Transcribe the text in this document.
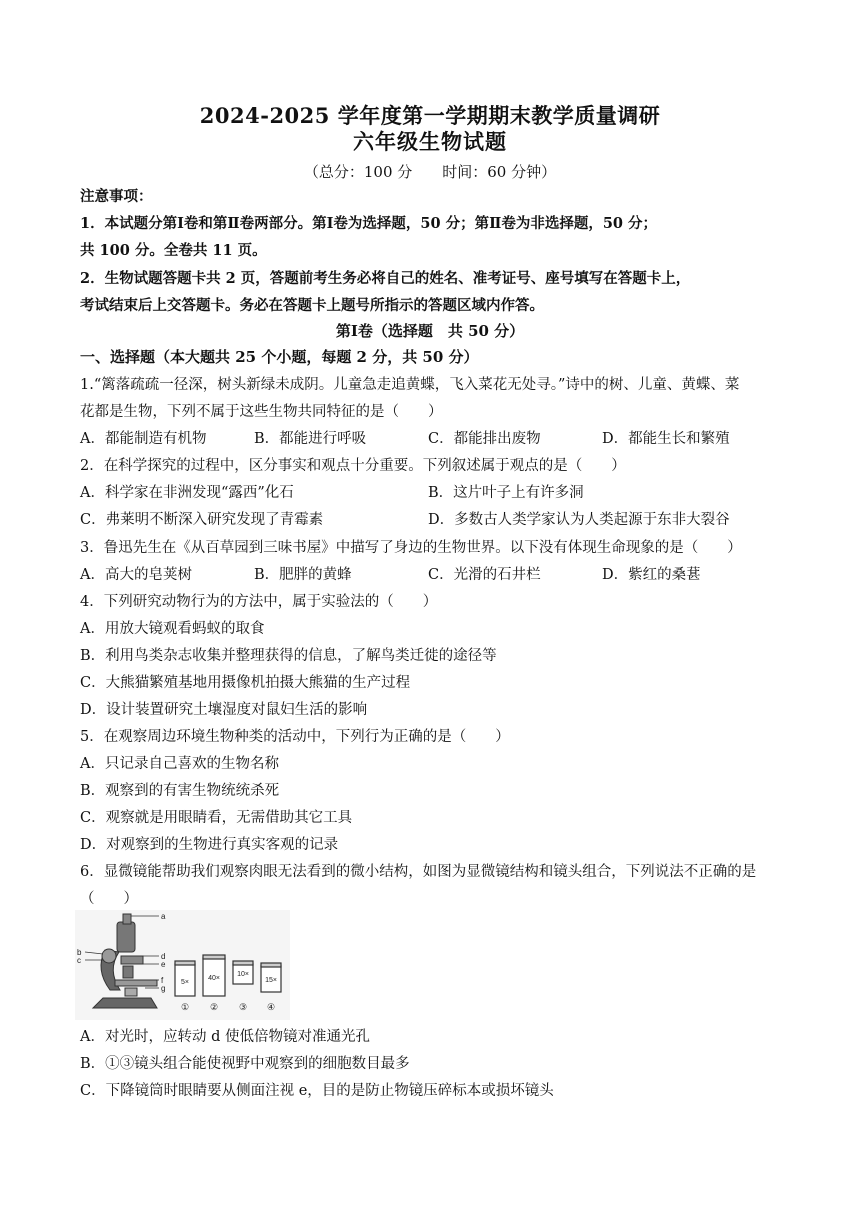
2024-2025 学年度第一学期期末教学质量调研
六年级生物试题
（总分：100 分　　时间：60 分钟）
注意事项：
1．本试题分第Ⅰ卷和第Ⅱ卷两部分。第Ⅰ卷为选择题，50 分；第Ⅱ卷为非选择题，50 分；
共 100 分。全卷共 11 页。
2．生物试题答题卡共 2 页，答题前考生务必将自己的姓名、准考证号、座号填写在答题卡上，
考试结束后上交答题卡。务必在答题卡上题号所指示的答题区域内作答。
第Ⅰ卷（选择题　共 50 分）
一、选择题（本大题共 25 个小题，每题 2 分，共 50 分）
1.“篱落疏疏一径深，树头新绿未成阴。儿童急走追黄蝶，飞入菜花无处寻。”诗中的树、儿童、黄蝶、菜
花都是生物，下列不属于这些生物共同特征的是（　　）
A．都能制造有机物	B．都能进行呼吸	C．都能排出废物	D．都能生长和繁殖
2．在科学探究的过程中，区分事实和观点十分重要。下列叙述属于观点的是（　　）
A．科学家在非洲发现“露西”化石	B．这片叶子上有许多洞
C．弗莱明不断深入研究发现了青霉素	D．多数古人类学家认为人类起源于东非大裂谷
3．鲁迅先生在《从百草园到三味书屋》中描写了身边的生物世界。以下没有体现生命现象的是（　　）
A．高大的皂荚树	B．肥胖的黄蜂	C．光滑的石井栏	D．紫红的桑葚
4．下列研究动物行为的方法中，属于实验法的（　　）
A．用放大镜观看蚂蚁的取食
B．利用鸟类杂志收集并整理获得的信息，了解鸟类迁徙的途径等
C．大熊猫繁殖基地用摄像机拍摄大熊猫的生产过程
D．设计装置研究土壤湿度对鼠妇生活的影响
5．在观察周边环境生物种类的活动中，下列行为正确的是（　　）
A．只记录自己喜欢的生物名称
B．观察到的有害生物统统杀死
C．观察就是用眼睛看，无需借助其它工具
D．对观察到的生物进行真实客观的记录
6．显微镜能帮助我们观察肉眼无法看到的微小结构，如图为显微镜结构和镜头组合，下列说法不正确的是
（　　）
a
b
c	d
e
f
g
5×
40×
10×
15×
① ② ③ ④
A．对光时，应转动 d 使低倍物镜对准通光孔
B．①③镜头组合能使视野中观察到的细胞数目最多
C．下降镜筒时眼睛要从侧面注视 e，目的是防止物镜压碎标本或损坏镜头
